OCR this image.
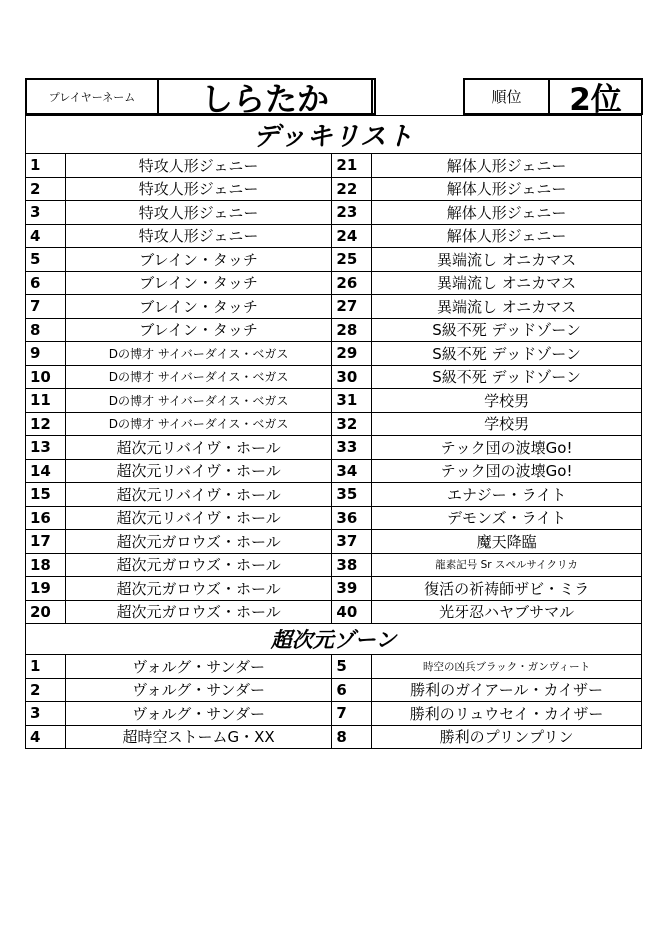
プレイヤーネーム	しらたか	順位	2位
デッキリスト			
1	特攻人形ジェニー	21	解体人形ジェニー
2	特攻人形ジェニー	22	解体人形ジェニー
3	特攻人形ジェニー	23	解体人形ジェニー
4	特攻人形ジェニー	24	解体人形ジェニー
5	ブレイン・タッチ	25	異端流し オニカマス
6	ブレイン・タッチ	26	異端流し オニカマス
7	ブレイン・タッチ	27	異端流し オニカマス
8	ブレイン・タッチ	28	S級不死 デッドゾーン
9	Dの博才 サイバーダイス・ベガス	29	S級不死 デッドゾーン
10	Dの博才 サイバーダイス・ベガス	30	S級不死 デッドゾーン
11	Dの博才 サイバーダイス・ベガス	31	学校男
12	Dの博才 サイバーダイス・ベガス	32	学校男
13	超次元リバイヴ・ホール	33	テック団の波壊Go!
14	超次元リバイヴ・ホール	34	テック団の波壊Go!
15	超次元リバイヴ・ホール	35	エナジー・ライト
16	超次元リバイヴ・ホール	36	デモンズ・ライト
17	超次元ガロウズ・ホール	37	魔天降臨
18	超次元ガロウズ・ホール	38	龍素記号 Sr スペルサイクリカ
19	超次元ガロウズ・ホール	39	復活の祈祷師ザビ・ミラ
20	超次元ガロウズ・ホール	40	光牙忍ハヤブサマル
超次元ゾーン			
1	ヴォルグ・サンダー	5	時空の凶兵ブラック・ガンヴィート
2	ヴォルグ・サンダー	6	勝利のガイアール・カイザー
3	ヴォルグ・サンダー	7	勝利のリュウセイ・カイザー
4	超時空ストームG・XX	8	勝利のプリンプリン
